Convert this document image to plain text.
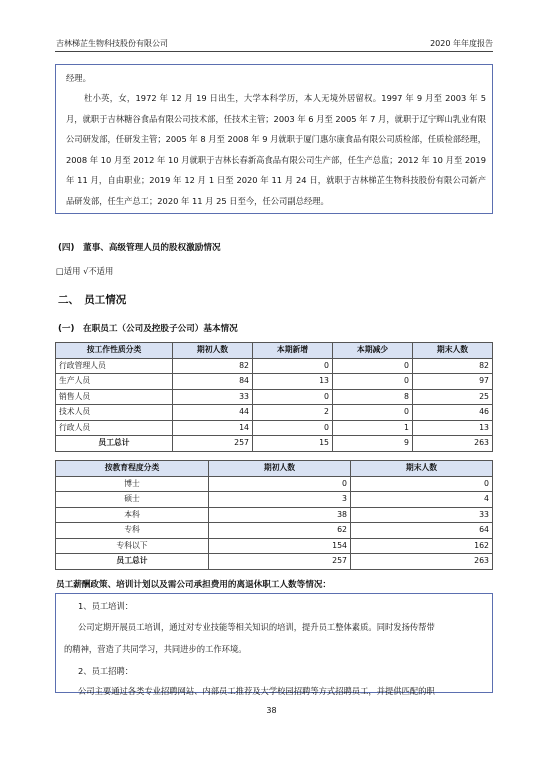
吉林梯芷生物科技股份有限公司	2020 年年度报告

经理。

杜小英，女，1972 年 12 月 19 日出生，大学本科学历，本人无境外居留权。1997 年 9 月至 2003 年 5 月，就职于吉林糖谷食品有限公司技术部，任技术主管；2003 年 6 月至 2005 年 7 月，就职于辽宁辉山乳业有限公司研发部，任研发主管；2005 年 8 月至 2008 年 9 月就职于厦门惠尔康食品有限公司质检部，任质检部经理，2008 年 10 月至 2012 年 10 月就职于吉林长春新高食品有限公司生产部，任生产总监；2012 年 10 月至 2019 年 11 月，自由职业；2019 年 12 月 1 日至 2020 年 11 月 24 日，就职于吉林梯芷生物科技股份有限公司新产品研发部，任生产总工；2020 年 11 月 25 日至今，任公司副总经理。

(四)　董事、高级管理人员的股权激励情况
□适用 √不适用
二、　员工情况
(一)　在职员工（公司及控股子公司）基本情况
按工作性质分类	期初人数	本期新增	本期减少	期末人数
行政管理人员	82	0	0	82
生产人员	84	13	0	97
销售人员	33	0	8	25
技术人员	44	2	0	46
行政人员	14	0	1	13
员工总计	257	15	9	263
按教育程度分类	期初人数	期末人数
博士	0	0
硕士	3	4
本科	38	33
专科	62	64
专科以下	154	162
员工总计	257	263
员工薪酬政策、培训计划以及需公司承担费用的离退休职工人数等情况：
1、员工培训：
公司定期开展员工培训，通过对专业技能等相关知识的培训，提升员工整体素质。同时发扬传帮带
的精神，营造了共同学习，共同进步的工作环境。
2、员工招聘：
公司主要通过各类专业招聘网站、内部员工推荐及大学校园招聘等方式招聘员工，并提供匹配的职
38
